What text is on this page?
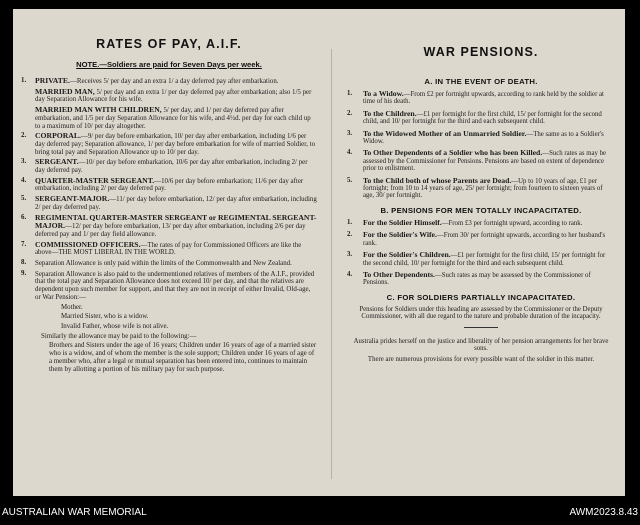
RATES OF PAY, A.I.F.
NOTE.—Soldiers are paid for Seven Days per week.
1.	PRIVATE.—Receives 5/ per day and an extra 1/ a day deferred pay after embarkation.
MARRIED MAN, 5/ per day and an extra 1/ per day deferred pay after embarkation; also 1/5 per day Separation Allowance for his wife.
MARRIED MAN WITH CHILDREN, 5/ per day, and 1/ per day deferred pay after embarkation, and 1/5 per day Separation Allowance for his wife, and 4½d. per day for each child up to a maximum of 10/ per day altogether.
2.	CORPORAL.—9/ per day before embarkation, 10/ per day after embarkation, including 1/6 per day deferred pay; Separation allowance, 1/ per day before embarkation for wife of married Soldier, to bring total pay and Separation Allowance up to 10/ per day.
3.	SERGEANT.—10/ per day before embarkation, 10/6 per day after embarkation, including 2/ per day deferred pay.
4.	QUARTER-MASTER SERGEANT.—10/6 per day before embarkation; 11/6 per day after embarkation, including 2/ per day deferred pay.
5.	SERGEANT-MAJOR.—11/ per day before embarkation, 12/ per day after embarkation, including 2/ per day deferred pay.
6.	REGIMENTAL QUARTER-MASTER SERGEANT or REGIMENTAL SERGEANT-MAJOR.—12/ per day before embarkation, 13/ per day after embarkation, including 2/6 per day deferred pay and 1/ per day field allowance.
7.	COMMISSIONED OFFICERS.—The rates of pay for Commissioned Officers are like the above—THE MOST LIBERAL IN THE WORLD.
8.	Separation Allowance is only paid within the limits of the Commonwealth and New Zealand.
9.	Separation Allowance is also paid to the undermentioned relatives of members of the A.I.F., provided that the total pay and Separation Allowance does not exceed 10/ per day, and that the relatives are dependent upon such member for support, and that they are not in receipt of either Invalid, Old-age, or War Pension:—
Mother.
Married Sister, who is a widow.
Invalid Father, whose wife is not alive.
Similarly the allowance may be paid to the following:—
Brothers and Sisters under the age of 16 years; Children under 16 years of age of a married sister who is a widow, and of whom the member is the sole support; Children under 16 years of age of a member who, after a legal or mutual separation has been entered into, continues to maintain them by allotting a portion of his military pay for such purpose.
WAR PENSIONS.
A. IN THE EVENT OF DEATH.
1.	To a Widow.—From £2 per fortnight upwards, according to rank held by the soldier at time of his death.
2.	To the Children.—£1 per fortnight for the first child, 15/ per fortnight for the second child, and 10/ per fortnight for the third and each subsequent child.
3.	To the Widowed Mother of an Unmarried Soldier.—The same as to a Soldier's Widow.
4.	To Other Dependents of a Soldier who has been Killed.—Such rates as may be assessed by the Commissioner for Pensions. Pensions are based on extent of dependence prior to enlistment.
5.	To the Child both of whose Parents are Dead.—Up to 10 years of age, £1 per fortnight; from 10 to 14 years of age, 25/ per fortnight; from fourteen to sixteen years of age, 30/ per fortnight.
B. PENSIONS FOR MEN TOTALLY INCAPACITATED.
1.	For the Soldier Himself.—From £3 per fortnight upward, according to rank.
2.	For the Soldier's Wife.—From 30/ per fortnight upwards, according to her husband's rank.
3.	For the Soldier's Children.—£1 per fortnight for the first child, 15/ per fortnight for the second child, 10/ per fortnight for the third and each subsequent child.
4.	To Other Dependents.—Such rates as may be assessed by the Commissioner of Pensions.
C. FOR SOLDIERS PARTIALLY INCAPACITATED.
Pensions for Soldiers under this heading are assessed by the Commissioner or the Deputy Commissioner, with all due regard to the nature and probable duration of the incapacity.
Australia prides herself on the justice and liberality of her pension arrangements for her brave sons.
There are numerous provisions for every possible want of the soldier in this matter.
AUSTRALIAN WAR MEMORIAL	AWM2023.8.43
